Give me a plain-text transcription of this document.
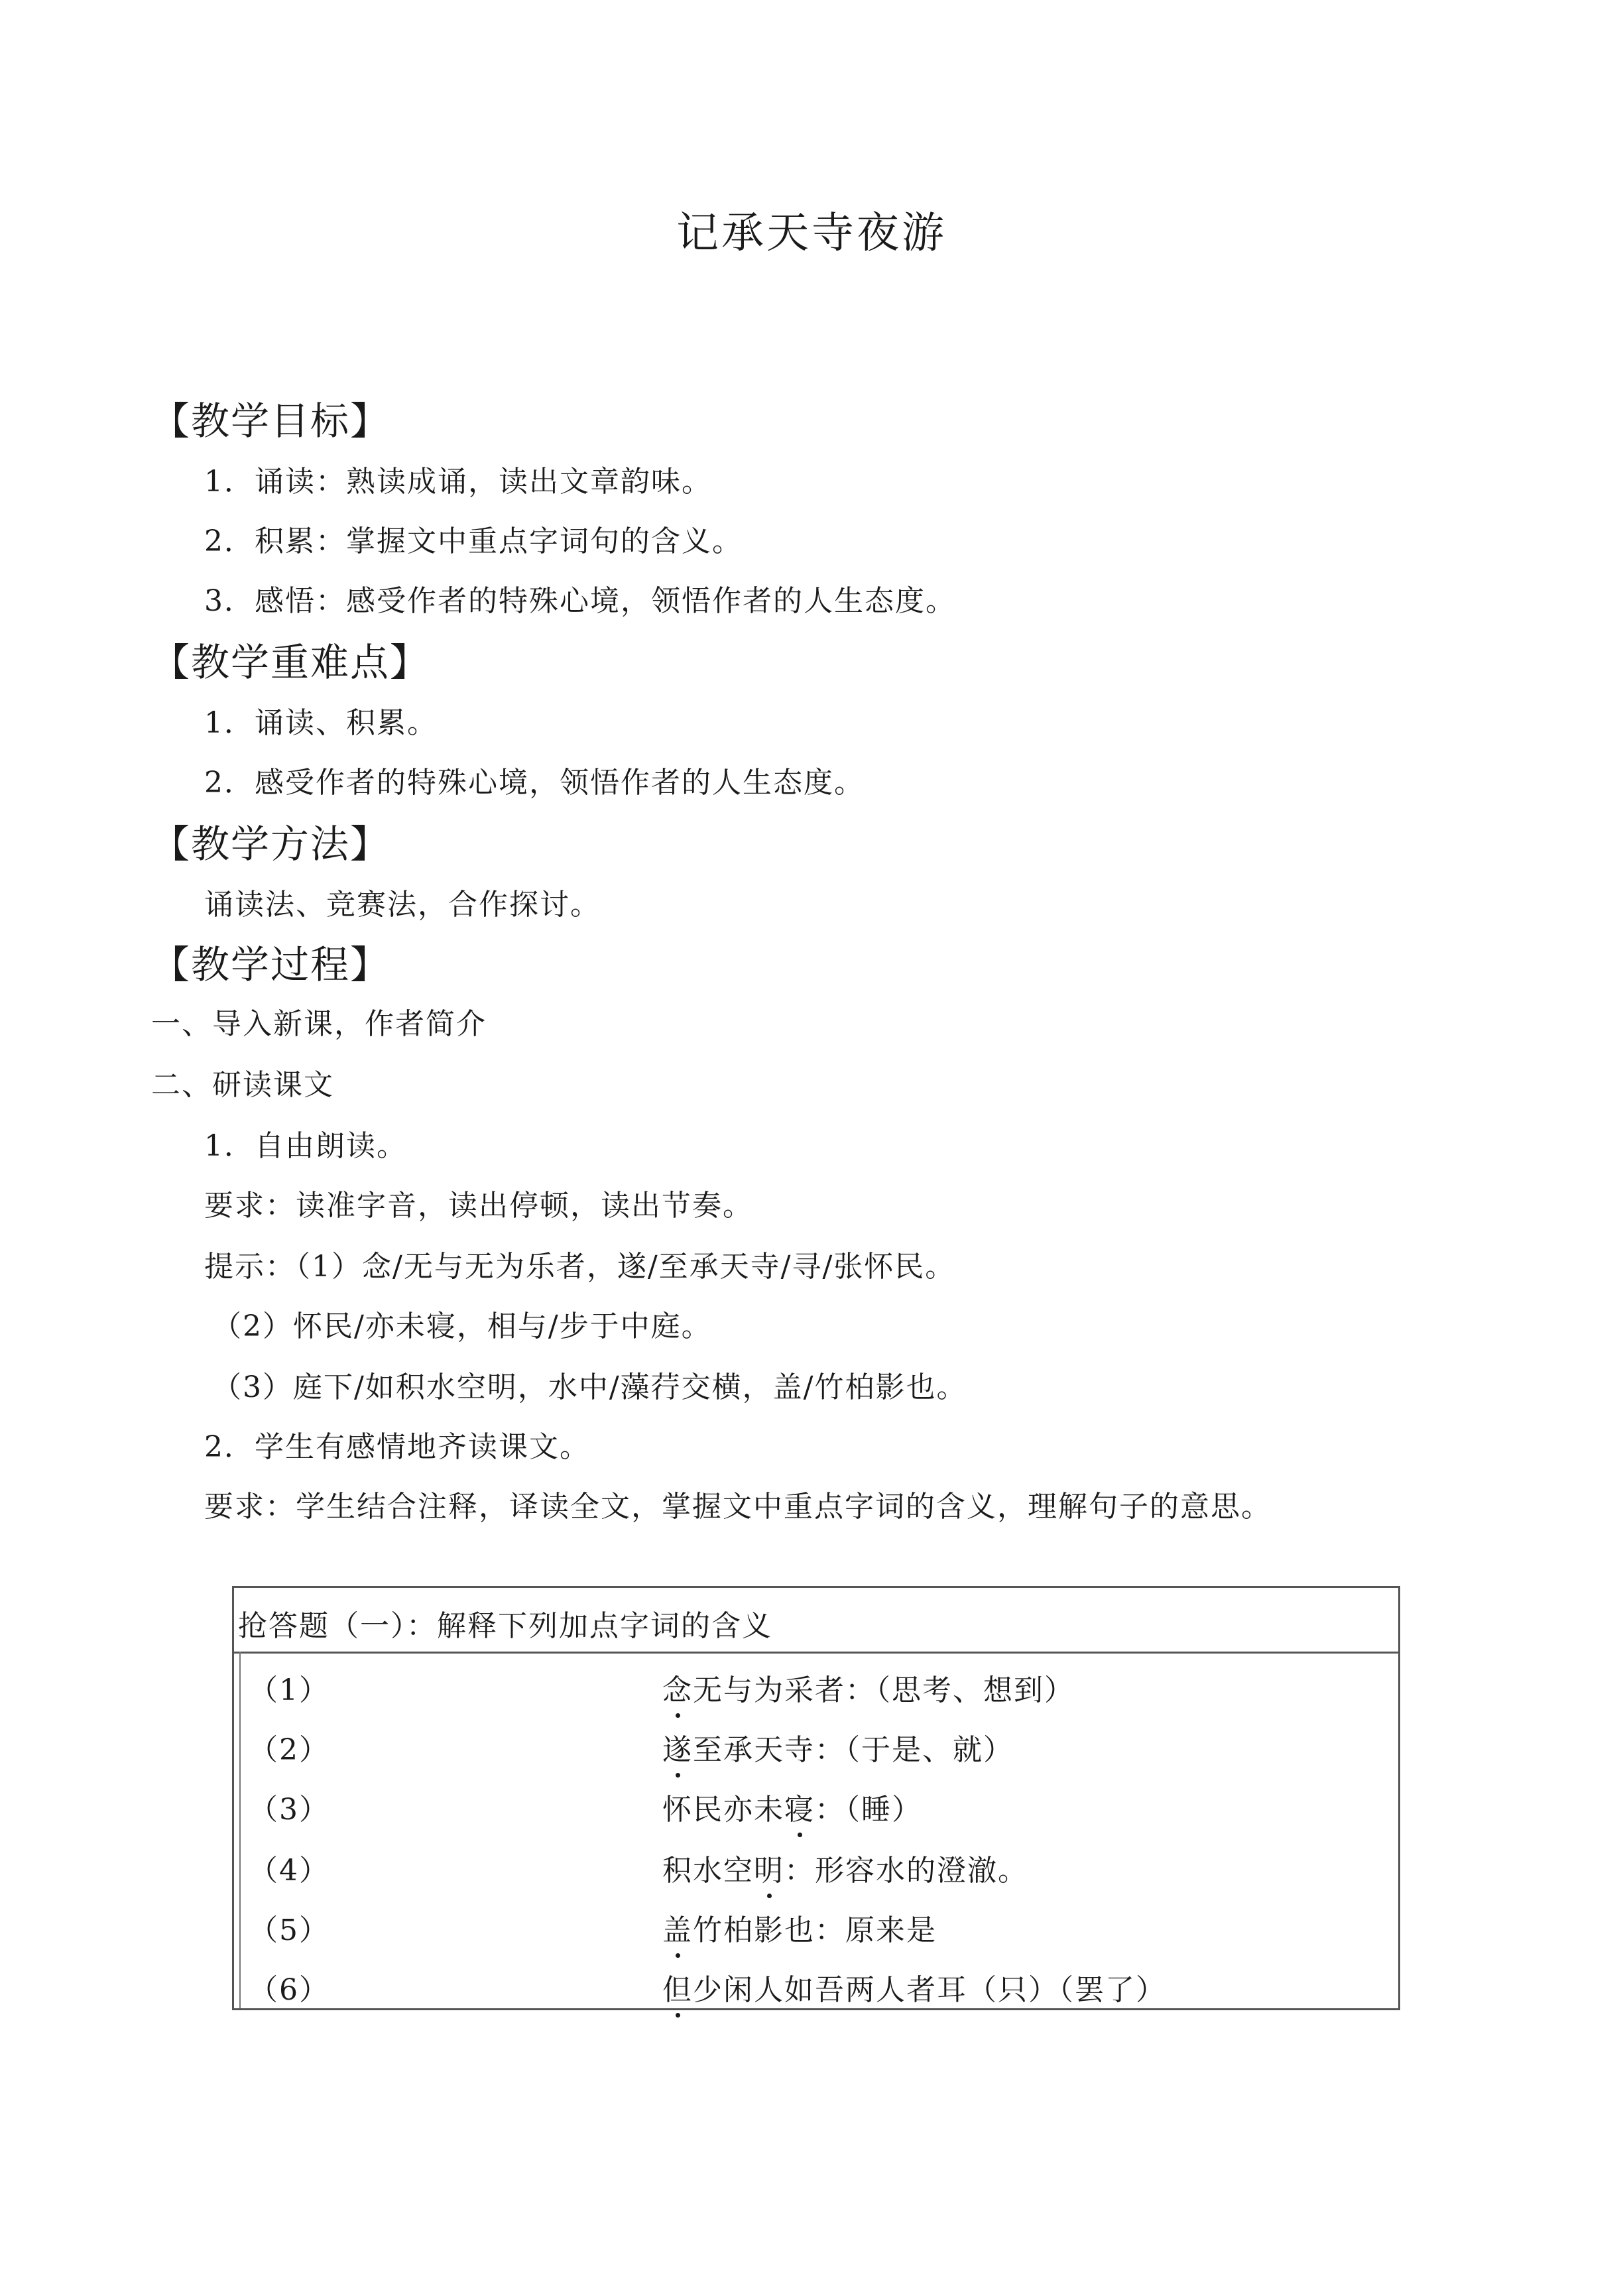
记承天寺夜游
【教学目标】
1．诵读：熟读成诵，读出文章韵味。
2．积累：掌握文中重点字词句的含义。
3．感悟：感受作者的特殊心境，领悟作者的人生态度。
【教学重难点】
1．诵读、积累。
2．感受作者的特殊心境，领悟作者的人生态度。
【教学方法】
诵读法、竞赛法，合作探讨。
【教学过程】
一、导入新课，作者简介
二、研读课文
1．自由朗读。
要求：读准字音，读出停顿，读出节奏。
提示：（1）念/无与无为乐者，遂/至承天寺/寻/张怀民。
（2）怀民/亦未寝，相与/步于中庭。
（3）庭下/如积水空明，水中/藻荇交横，盖/竹柏影也。
2．学生有感情地齐读课文。
要求：学生结合注释，译读全文，掌握文中重点字词的含义，理解句子的意思。
抢答题（一）：解释下列加点字词的含义
（1）	念无与为采者：（思考、想到）
（2）	遂至承天寺：（于是、就）
（3）	怀民亦未寝：（睡）
（4）	积水空明：形容水的澄澈。
（5）	盖竹柏影也：原来是
（6）	但少闲人如吾两人者耳（只）（罢了）
